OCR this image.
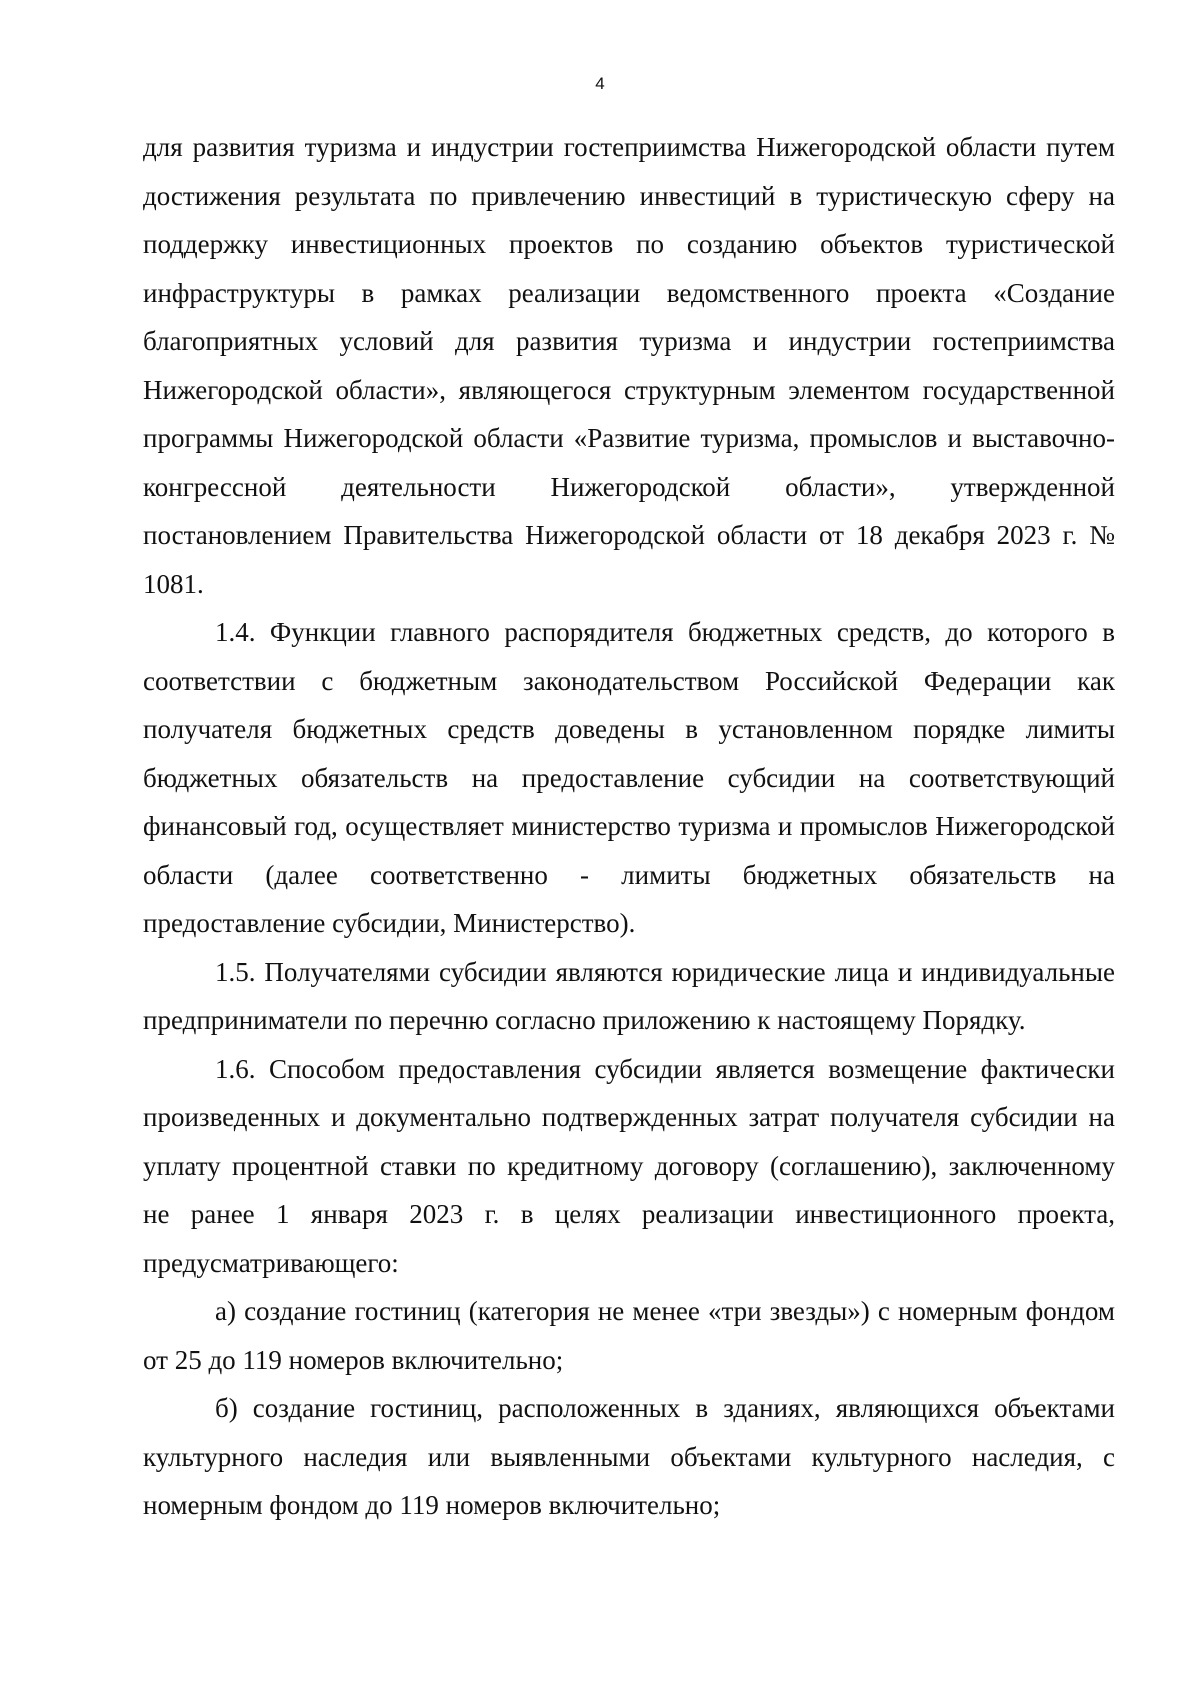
4

для развития туризма и индустрии гостеприимства Нижегородской области путем достижения результата по привлечению инвестиций в туристическую сферу на поддержку инвестиционных проектов по созданию объектов туристической инфраструктуры в рамках реализации ведомственного проекта «Создание благоприятных условий для развития туризма и индустрии гостеприимства Нижегородской области», являющегося структурным элементом государственной программы Нижегородской области «Развитие туризма, промыслов и выставочно-конгрессной деятельности Нижегородской области», утвержденной постановлением Правительства Нижегородской области от 18 декабря 2023 г. № 1081.

1.4. Функции главного распорядителя бюджетных средств, до которого в соответствии с бюджетным законодательством Российской Федерации как получателя бюджетных средств доведены в установленном порядке лимиты бюджетных обязательств на предоставление субсидии на соответствующий финансовый год, осуществляет министерство туризма и промыслов Нижегородской области (далее соответственно - лимиты бюджетных обязательств на предоставление субсидии, Министерство).

1.5. Получателями субсидии являются юридические лица и индивидуальные предприниматели по перечню согласно приложению к настоящему Порядку.

1.6. Способом предоставления субсидии является возмещение фактически произведенных и документально подтвержденных затрат получателя субсидии на уплату процентной ставки по кредитному договору (соглашению), заключенному не ранее 1 января 2023 г. в целях реализации инвестиционного проекта, предусматривающего:

а) создание гостиниц (категория не менее «три звезды») с номерным фондом от 25 до 119 номеров включительно;

б) создание гостиниц, расположенных в зданиях, являющихся объектами культурного наследия или выявленными объектами культурного наследия, с номерным фондом до 119 номеров включительно;
